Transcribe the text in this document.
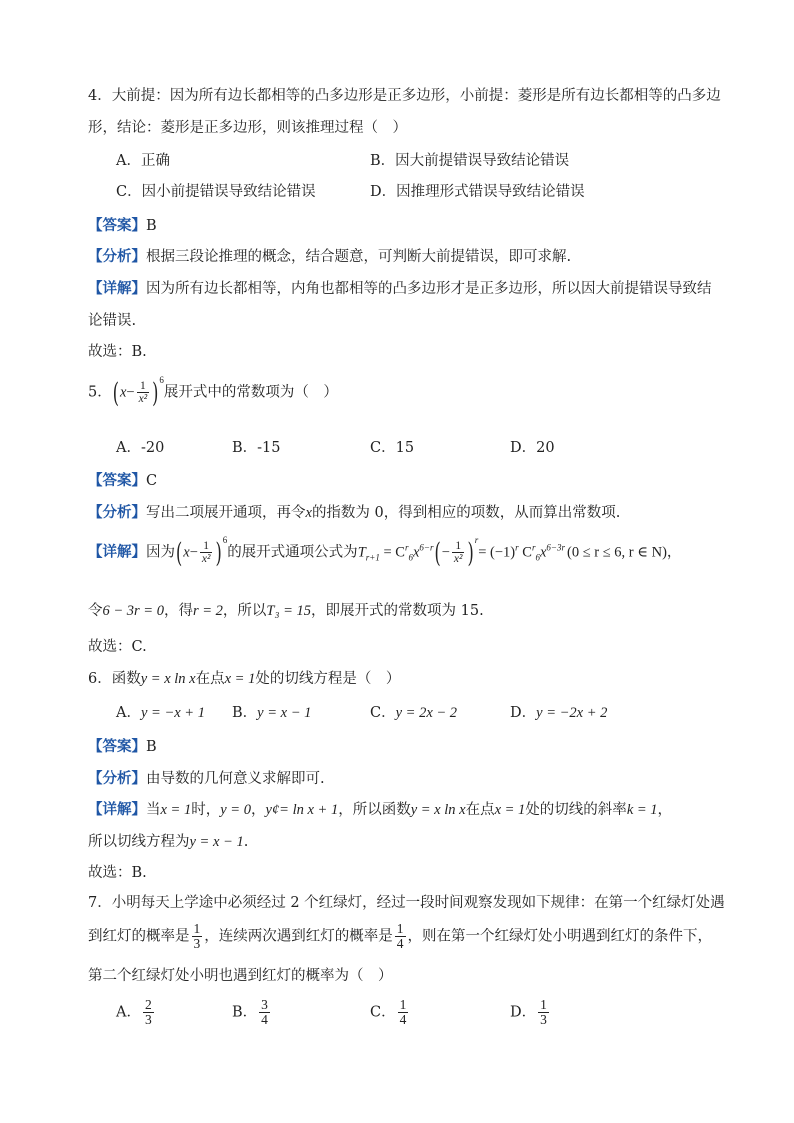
4．大前提：因为所有边长都相等的凸多边形是正多边形，小前提：菱形是所有边长都相等的凸多边
形，结论：菱形是正多边形，则该推理过程（　）
A．正确	B．因大前提错误导致结论错误
C．因小前提错误导致结论错误	D．因推理形式错误导致结论错误
【答案】B
【分析】根据三段论推理的概念，结合题意，可判断大前提错误，即可求解.
【详解】因为所有边长都相等，内角也都相等的凸多边形才是正多边形，所以因大前提错误导致结
论错误.
故选：B.
5．$(x- \frac{1}{\text{x²}} )^6$展开式中的常数项为（　）
A．-20	B．-15	C．15	D．20
【答案】C
【分析】写出二项展开通项，再令x的指数为 0，得到相应的项数，从而算出常数项.
【详解】因为$(x- \frac{1}{\text{x²}} )^6$的展开式通项公式为$T_{r+1} = C^r_6x^{6-r}(- \frac{1}{\text{x²}} )^r= (-1)^r$ $C^r_6x^{6-3r}$ (0 ≤ r ≤ 6, r ∈ N)，
令6 − 3r = 0，得r = 2，所以T₃ = 15，即展开式的常数项为 15.
故选：C.
6．函数y = x ln x在点x = 1处的切线方程是（　）
A．y = −x + 1 B．y = x − 1	C．y = 2x − 2	D．y = −2x + 2
【答案】B
【分析】由导数的几何意义求解即可.
【详解】当x = 1时，y = 0，y¢= ln x + 1，所以函数y = x ln x在点x = 1处的切线的斜率k = 1，
所以切线方程为y = x − 1.
故选：B.
7．小明每天上学途中必须经过 2 个红绿灯，经过一段时间观察发现如下规律：在第一个红绿灯处遇
到红灯的概率是 $\frac{1}{3}$ ，连续两次遇到红灯的概率是 $\frac{1}{4}$ ，则在第一个红绿灯处小明遇到红灯的条件下，
第二个红绿灯处小明也遇到红灯的概率为（　）
A． $\frac{2}{3}$	B． $\frac{3}{4}$	C． $\frac{1}{4}$	D． $\frac{1}{3}$
